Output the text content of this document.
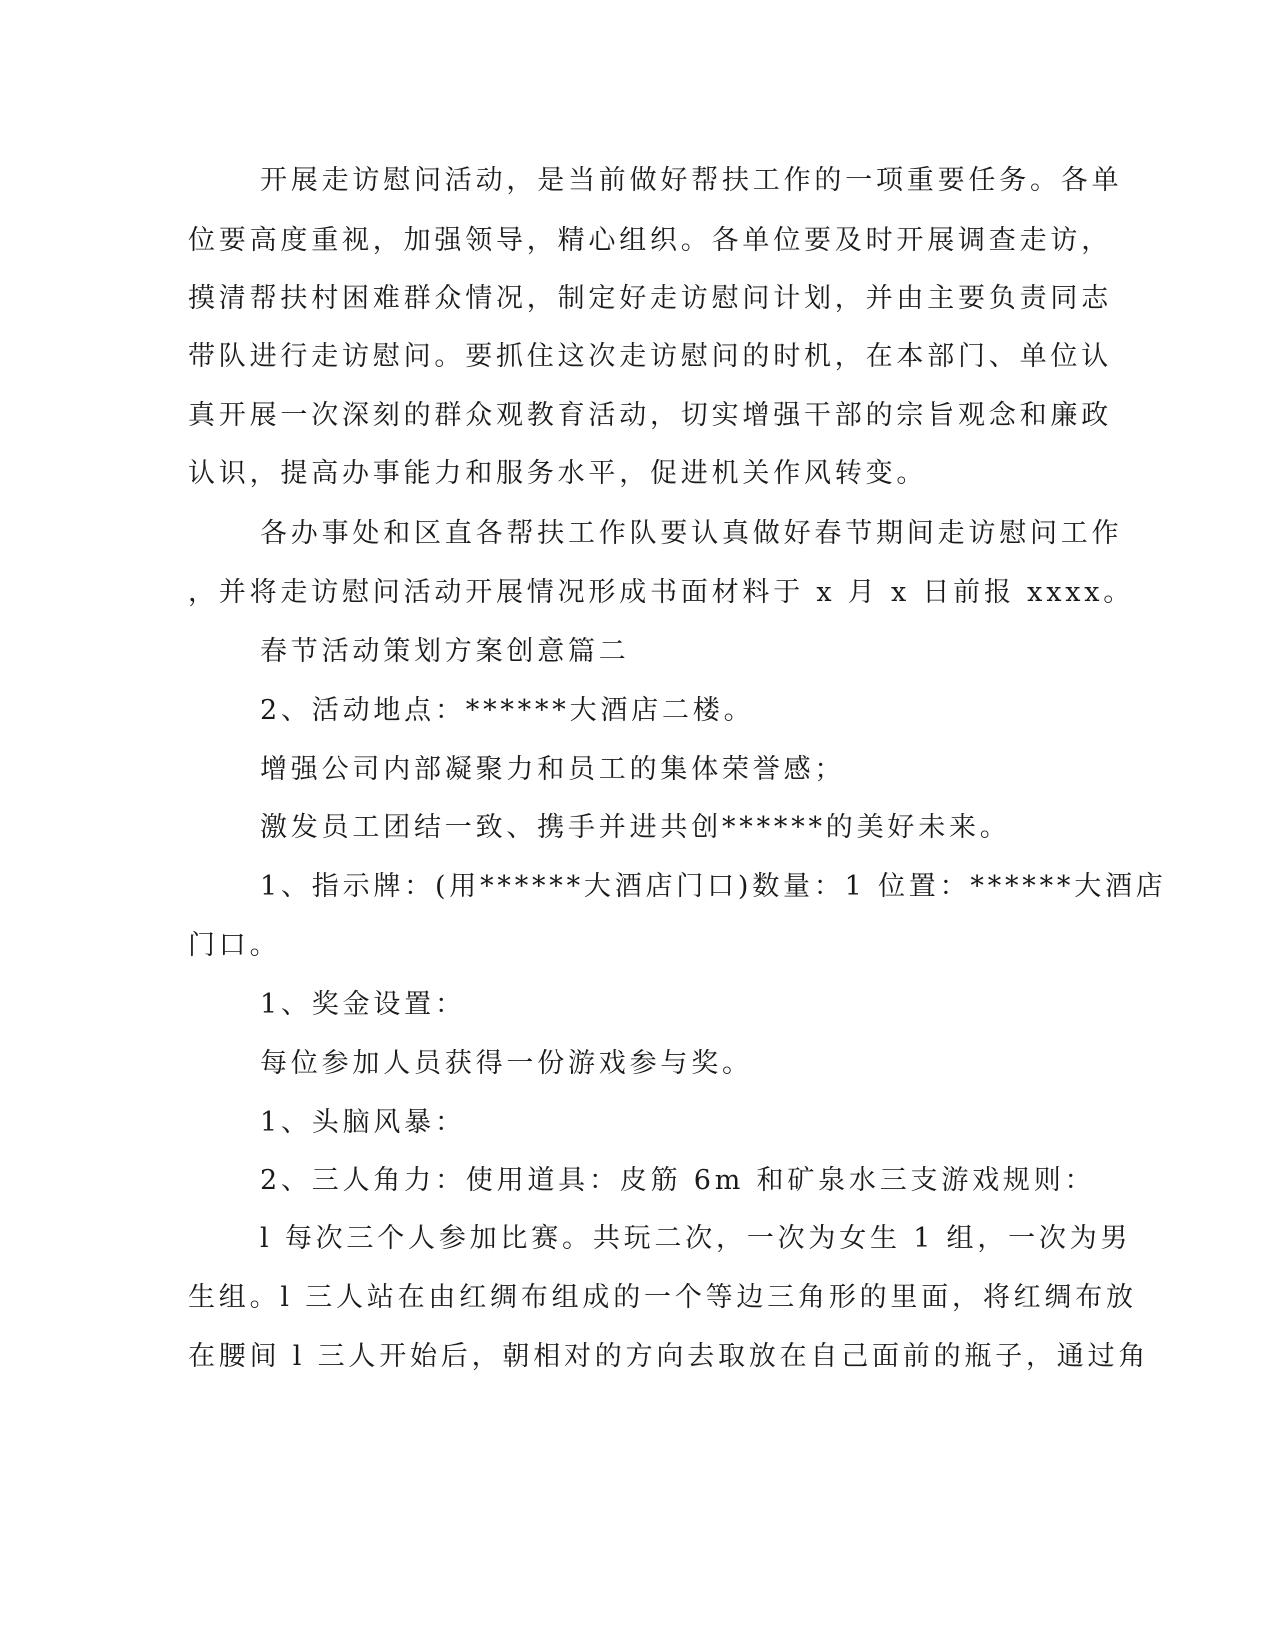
开展走访慰问活动，是当前做好帮扶工作的一项重要任务。各单
位要高度重视，加强领导，精心组织。各单位要及时开展调查走访，
摸清帮扶村困难群众情况，制定好走访慰问计划，并由主要负责同志
带队进行走访慰问。要抓住这次走访慰问的时机，在本部门、单位认
真开展一次深刻的群众观教育活动，切实增强干部的宗旨观念和廉政
认识，提高办事能力和服务水平，促进机关作风转变。
各办事处和区直各帮扶工作队要认真做好春节期间走访慰问工作
，并将走访慰问活动开展情况形成书面材料于 x 月 x 日前报 xxxx。
春节活动策划方案创意篇二
2、活动地点：******大酒店二楼。
增强公司内部凝聚力和员工的集体荣誉感；
激发员工团结一致、携手并进共创******的美好未来。
1、指示牌：(用******大酒店门口)数量：1 位置：******大酒店
门口。
1、奖金设置：
每位参加人员获得一份游戏参与奖。
1、头脑风暴：
2、三人角力：使用道具：皮筋 6m 和矿泉水三支游戏规则：
l 每次三个人参加比赛。共玩二次，一次为女生 1 组，一次为男
生组。l 三人站在由红绸布组成的一个等边三角形的里面，将红绸布放
在腰间 l 三人开始后，朝相对的方向去取放在自己面前的瓶子，通过角
